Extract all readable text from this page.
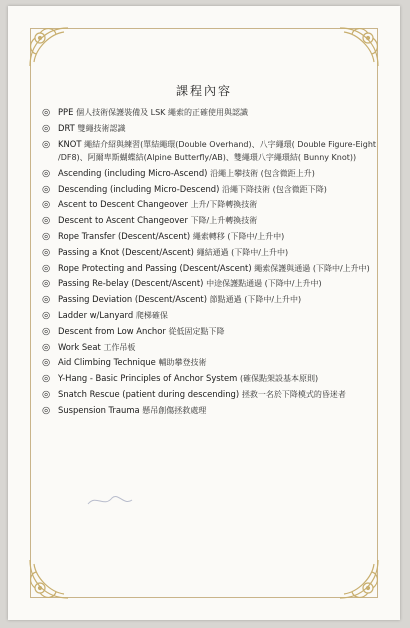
課程內容
◎ PPE 個人技術保護裝備及 LSK 繩索的正確使用與認識
◎ DRT 雙繩技術認識
◎ KNOT 繩結介紹與練習(單結繩環(Double Overhand)、八字繩環( Double Figure-Eight /DF8)、阿爾卑斯蝴蝶結(Alpine Butterfly/AB)、雙繩環八字繩環結( Bunny Knot))
◎ Ascending (including Micro-Ascend) 沿繩上攀技術 (包含微距上升)
◎ Descending (including Micro-Descend) 沿繩下降技術 (包含微距下降)
◎ Ascent to Descent Changeover 上升/下降轉換技術
◎ Descent to Ascent Changeover 下降/上升轉換技術
◎ Rope Transfer (Descent/Ascent) 繩索轉移 (下降中/上升中)
◎ Passing a Knot (Descent/Ascent) 繩結通過 (下降中/上升中)
◎ Rope Protecting and Passing (Descent/Ascent) 繩索保護與通過 (下降中/上升中)
◎ Passing Re-belay (Descent/Ascent) 中途保護點通過 (下降中/上升中)
◎ Passing Deviation (Descent/Ascent) 節點通過 (下降中/上升中)
◎ Ladder w/Lanyard 爬梯確保
◎ Descent from Low Anchor 從低固定點下降
◎ Work Seat 工作吊板
◎ Aid Climbing Technique 輔助攀登技術
◎ Y-Hang - Basic Principles of Anchor System (確保點架設基本原則)
◎ Snatch Rescue (patient during descending) 拯救一名於下降模式的昏迷者
◎ Suspension Trauma 懸吊創傷拯救處理
